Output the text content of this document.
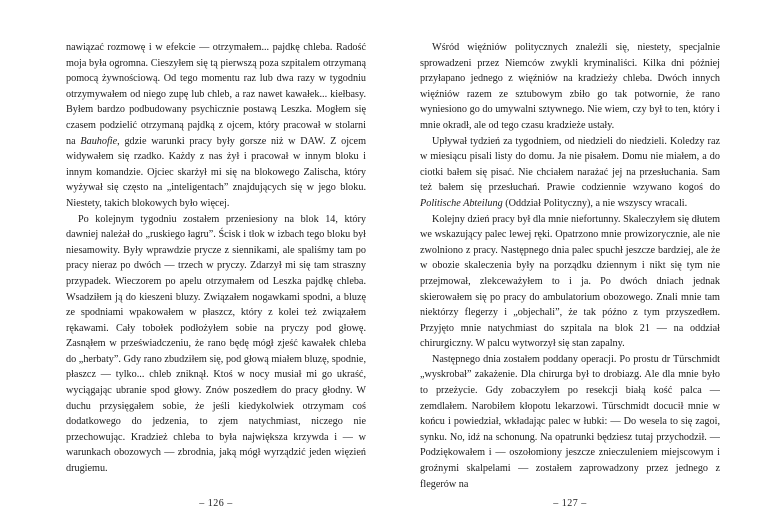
nawiązać rozmowę i w efekcie — otrzymałem... pajdkę chleba. Radość moja była ogromna. Cieszyłem się tą pierwszą poza szpitalem otrzymaną pomocą żywnościową. Od tego momentu raz lub dwa razy w tygodniu otrzymywałem od niego zupę lub chleb, a raz nawet kawałek... kiełbasy. Byłem bardzo podbudowany psychicznie postawą Leszka. Mogłem się czasem podzielić otrzymaną pajdką z ojcem, który pracował w stolarni na Bauhofie, gdzie warunki pracy były gorsze niż w DAW. Z ojcem widywałem się rzadko. Każdy z nas żył i pracował w innym bloku i innym komandzie. Ojciec skarżył mi się na blokowego Zalischa, który wyżywał się często na „inteligentach” znajdujących się w jego bloku. Niestety, takich blokowych było więcej.

Po kolejnym tygodniu zostałem przeniesiony na blok 14, który dawniej należał do „ruskiego łagru”. Ścisk i tłok w izbach tego bloku był niesamowity. Były wprawdzie prycze z siennikami, ale spaliśmy tam po pracy nieraz po dwóch — trzech w pryczy. Zdarzył mi się tam straszny przypadek. Wieczorem po apelu otrzymałem od Leszka pajdkę chleba. Wsadziłem ją do kieszeni bluzy. Związałem nogawkami spodni, a bluzę ze spodniami wpakowałem w płaszcz, który z kolei też związałem rękawami. Cały tobołek podłożyłem sobie na pryczy pod głowę. Zasnąłem w przeświadczeniu, że rano będę mógł zjeść kawałek chleba do „herbaty”. Gdy rano zbudziłem się, pod głową miałem bluzę, spodnie, płaszcz — tylko... chleb zniknął. Ktoś w nocy musiał mi go ukraść, wyciągając ubranie spod głowy. Znów poszedłem do pracy głodny. W duchu przysięgałem sobie, że jeśli kiedykolwiek otrzymam coś dodatkowego do jedzenia, to zjem natychmiast, niczego nie przechowując. Kradzież chleba to była największa krzywda i — w warunkach obozowych — zbrodnia, jaką mógł wyrządzić jeden więzień drugiemu.

– 126 –

Wśród więźniów politycznych znaleźli się, niestety, specjalnie sprowadzeni przez Niemców zwykli kryminaliści. Kilka dni później przyłapano jednego z więźniów na kradzieży chleba. Dwóch innych więźniów razem ze sztubowym zbiło go tak potwornie, że rano wyniesiono go do umywalni sztywnego. Nie wiem, czy był to ten, który i mnie okradł, ale od tego czasu kradzieże ustały.

Upływał tydzień za tygodniem, od niedzieli do niedzieli. Koledzy raz w miesiącu pisali listy do domu. Ja nie pisałem. Domu nie miałem, a do ciotki bałem się pisać. Nie chciałem narażać jej na przesłuchania. Sam też bałem się przesłuchań. Prawie codziennie wzywano kogoś do Politische Abteilung (Oddział Polityczny), a nie wszyscy wracali.

Kolejny dzień pracy był dla mnie niefortunny. Skaleczyłem się dłutem we wskazujący palec lewej ręki. Opatrzono mnie prowizorycznie, ale nie zwolniono z pracy. Następnego dnia palec spuchł jeszcze bardziej, ale że w obozie skaleczenia były na porządku dziennym i nikt się tym nie przejmował, zlekceważyłem to i ja. Po dwóch dniach jednak skierowałem się po pracy do ambulatorium obozowego. Znali mnie tam niektórzy flegerzy i „objechali”, że tak późno z tym przyszedłem. Przyjęto mnie natychmiast do szpitala na blok 21 — na oddział chirurgiczny. W palcu wytworzył się stan zapalny.

Następnego dnia zostałem poddany operacji. Po prostu dr Türschmidt „wyskrobał” zakażenie. Dla chirurga był to drobiazg. Ale dla mnie było to przeżycie. Gdy zobaczyłem po resekcji białą kość palca — zemdlałem. Narobiłem kłopotu lekarzowi. Türschmidt docucił mnie w końcu i powiedział, wkładając palec w łubki: — Do wesela to się zagoi, synku. No, idź na schonung. Na opatrunki będziesz tutaj przychodził. — Podziękowałem i — oszołomiony jeszcze znieczuleniem miejscowym i groźnymi skalpelami — zostałem zaprowadzony przez jednego z flegerów na

– 127 –
